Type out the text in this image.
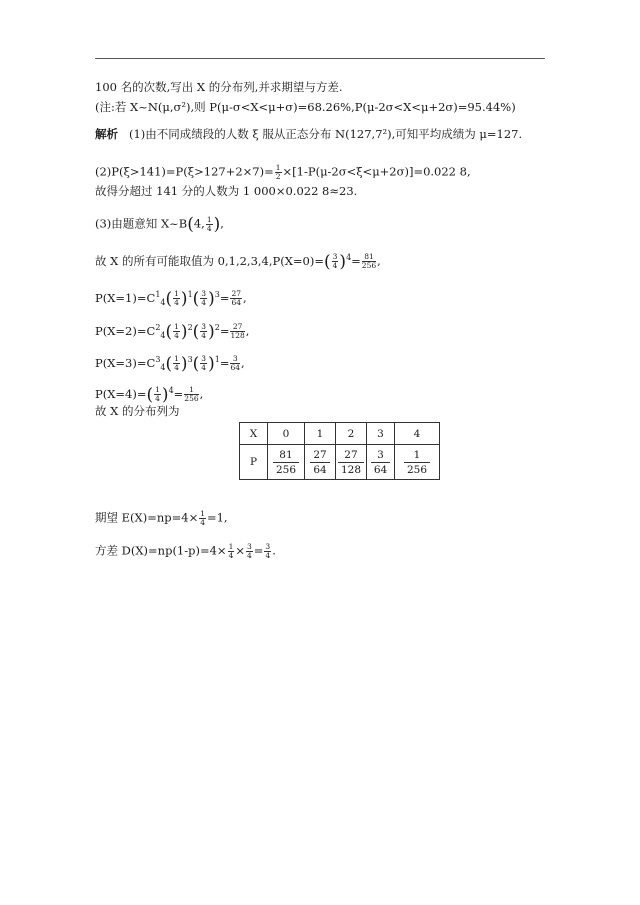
100 名的次数,写出 X 的分布列,并求期望与方差.
(注:若 X~N(μ,σ²),则 P(μ-σ<X<μ+σ)=68.26%,P(μ-2σ<X<μ+2σ)=95.44%)
解析 (1)由不同成绩段的人数 ξ 服从正态分布 N(127,7²),可知平均成绩为 μ=127.
$(2)P(\xi>141)=P(\xi>127+2\times 7)= \frac{1}{2} \times[1-P(\mu-2\sigma<\xi<\mu+2\sigma)]=0.022$ 8,
故得分超过 141 分的人数为 1 000×0.022 8≈23.
(3)由题意知 X~B(4, $\frac{1}{4}$ ),
故 X 的所有可能取值为 $0,1,2,3,4,P(X=0)=( \frac{3}{4} )^4= \frac{81}{256}$ ,
$P(X=1)=C^1_4( \frac{1}{4} )^1( \frac{3}{4} )^3= \frac{27}{64}$ ,
$P(X=2)=C^2_4( \frac{1}{4} )^2( \frac{3}{4} )^2= \frac{27}{128}$ ,
$P(X=3)=C^3_4( \frac{1}{4} )^3( \frac{3}{4} )^1= \frac{3}{64}$ ,
$P(X=4)=( \frac{1}{4} )^4= \frac{1}{256}$ ,
故 X 的分布列为
X	0	1	2	3	4
P	$\frac{81}{256}$	$\frac{27}{64}$	$\frac{27}{128}$	$\frac{3}{64}$	$\frac{1}{256}$
期望 $E(X)=np=4\times \frac{1}{4} =1$,
方差 $D(X)=np(1-p)=4\times \frac{1}{4} \times \frac{3}{4} = \frac{3}{4}$ .
